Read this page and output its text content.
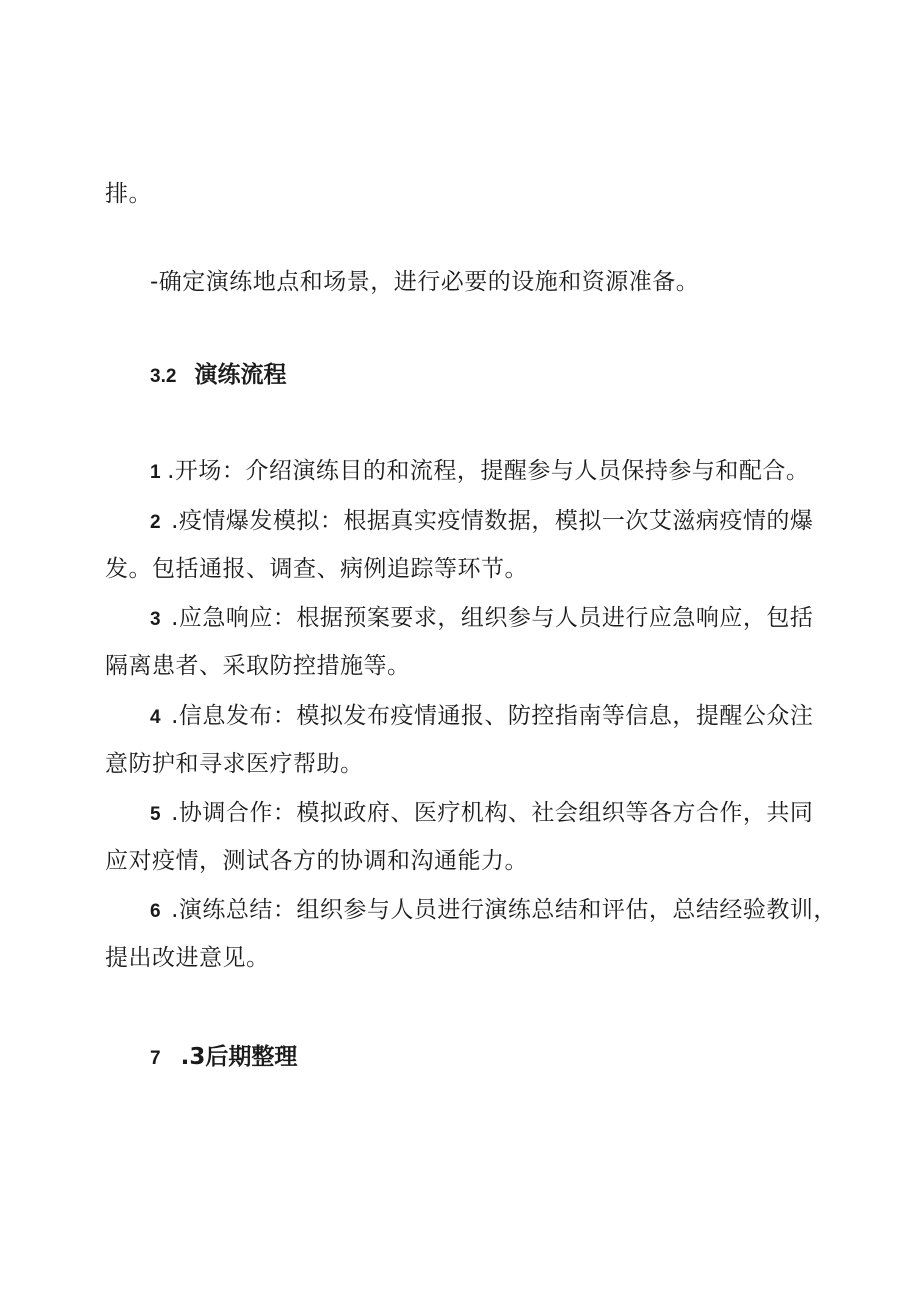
排。
-确定演练地点和场景，进行必要的设施和资源准备。
3.2 演练流程
1 .开场：介绍演练目的和流程，提醒参与人员保持参与和配合。
2 .疫情爆发模拟：根据真实疫情数据，模拟一次艾滋病疫情的爆
发。包括通报、调查、病例追踪等环节。
3 .应急响应：根据预案要求，组织参与人员进行应急响应，包括
隔离患者、采取防控措施等。
4 .信息发布：模拟发布疫情通报、防控指南等信息，提醒公众注
意防护和寻求医疗帮助。
5 .协调合作：模拟政府、医疗机构、社会组织等各方合作，共同
应对疫情，测试各方的协调和沟通能力。
6 .演练总结：组织参与人员进行演练总结和评估，总结经验教训，
提出改进意见。
7 .3后期整理
